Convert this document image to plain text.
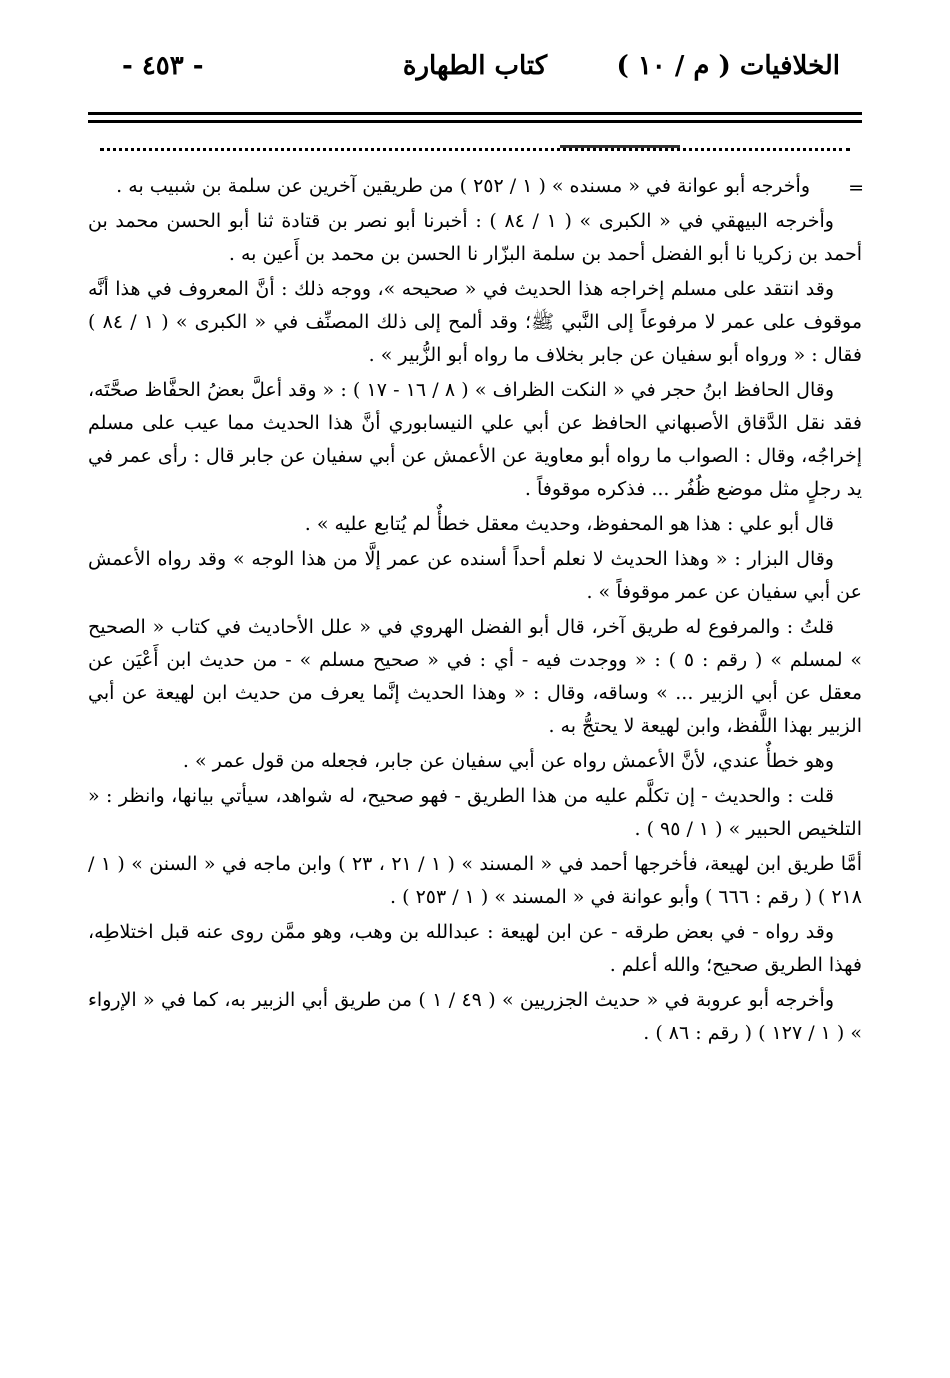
الخلافيات ( م / ١٠ )
كتاب الطهارة
- ٤٥٣ -
=

وأخرجه أبو عوانة في « مسنده » ( ١ / ٢٥٢ ) من طريقين آخرين عن سلمة بن شبيب به .

وأخرجه البيهقي في « الكبرى » ( ١ / ٨٤ ) : أخبرنا أبو نصر بن قتادة ثنا أبو الحسن محمد بن أحمد بن زكريا نا أبو الفضل أحمد بن سلمة البزّار نا الحسن بن محمد بن أَعين به .

وقد انتقد على مسلم إخراجه هذا الحديث في « صحيحه »، ووجه ذلك : أنَّ المعروف في هذا أنَّه موقوف على عمر لا مرفوعاً إلى النَّبي ﷺ؛ وقد ألمح إلى ذلك المصنِّف في « الكبرى » ( ١ / ٨٤ ) فقال : « ورواه أبو سفيان عن جابر بخلاف ما رواه أبو الزُّبير » .

وقال الحافظ ابنُ حجر في « النكت الظراف » ( ٨ / ١٦ - ١٧ ) : « وقد أعلَّ بعضُ الحفَّاظ صحَّتَه، فقد نقل الدَّقاق الأصبهاني الحافظ عن أبي علي النيسابوري أنَّ هذا الحديث مما عيب على مسلم إخراجُه، وقال : الصواب ما رواه أبو معاوية عن الأعمش عن أبي سفيان عن جابر قال : رأى عمر في يد رجلٍ مثل موضع ظُفُر ... فذكره موقوفاً .

قال أبو علي : هذا هو المحفوظ، وحديث معقل خطأٌ لم يُتابع عليه » .

وقال البزار : « وهذا الحديث لا نعلم أحداً أسنده عن عمر إلَّا من هذا الوجه » وقد رواه الأعمش عن أبي سفيان عن عمر موقوفاً » .

قلتُ : والمرفوع له طريق آخر، قال أبو الفضل الهروي في « علل الأحاديث في كتاب « الصحيح » لمسلم » ( رقم : ٥ ) : « ووجدت فيه - أي : في « صحيح مسلم » - من حديث ابن أَعْيَن عن معقل عن أبي الزبير ... » وساقه، وقال : « وهذا الحديث إنَّما يعرف من حديث ابن لهيعة عن أبي الزبير بهذا اللَّفظ، وابن لهيعة لا يحتجُّ به .

وهو خطأٌ عندي، لأنَّ الأعمش رواه عن أبي سفيان عن جابر، فجعله من قول عمر » .

قلت : والحديث - إن تكلَّم عليه من هذا الطريق - فهو صحيح، له شواهد، سيأتي بيانها، وانظر : « التلخيص الحبير » ( ١ / ٩٥ ) .

أمَّا طريق ابن لهيعة، فأخرجها أحمد في « المسند » ( ١ / ٢١ ، ٢٣ ) وابن ماجه في « السنن » ( ١ / ٢١٨ ) ( رقم : ٦٦٦ ) وأبو عوانة في « المسند » ( ١ / ٢٥٣ ) .

وقد رواه - في بعض طرقه - عن ابن لهيعة : عبدالله بن وهب، وهو ممَّن روى عنه قبل اختلاطِه، فهذا الطريق صحيح؛ والله أعلم .

وأخرجه أبو عروبة في « حديث الجزريين » ( ٤٩ / ١ ) من طريق أبي الزبير به، كما في « الإرواء » ( ١ / ١٢٧ ) ( رقم : ٨٦ ) .
